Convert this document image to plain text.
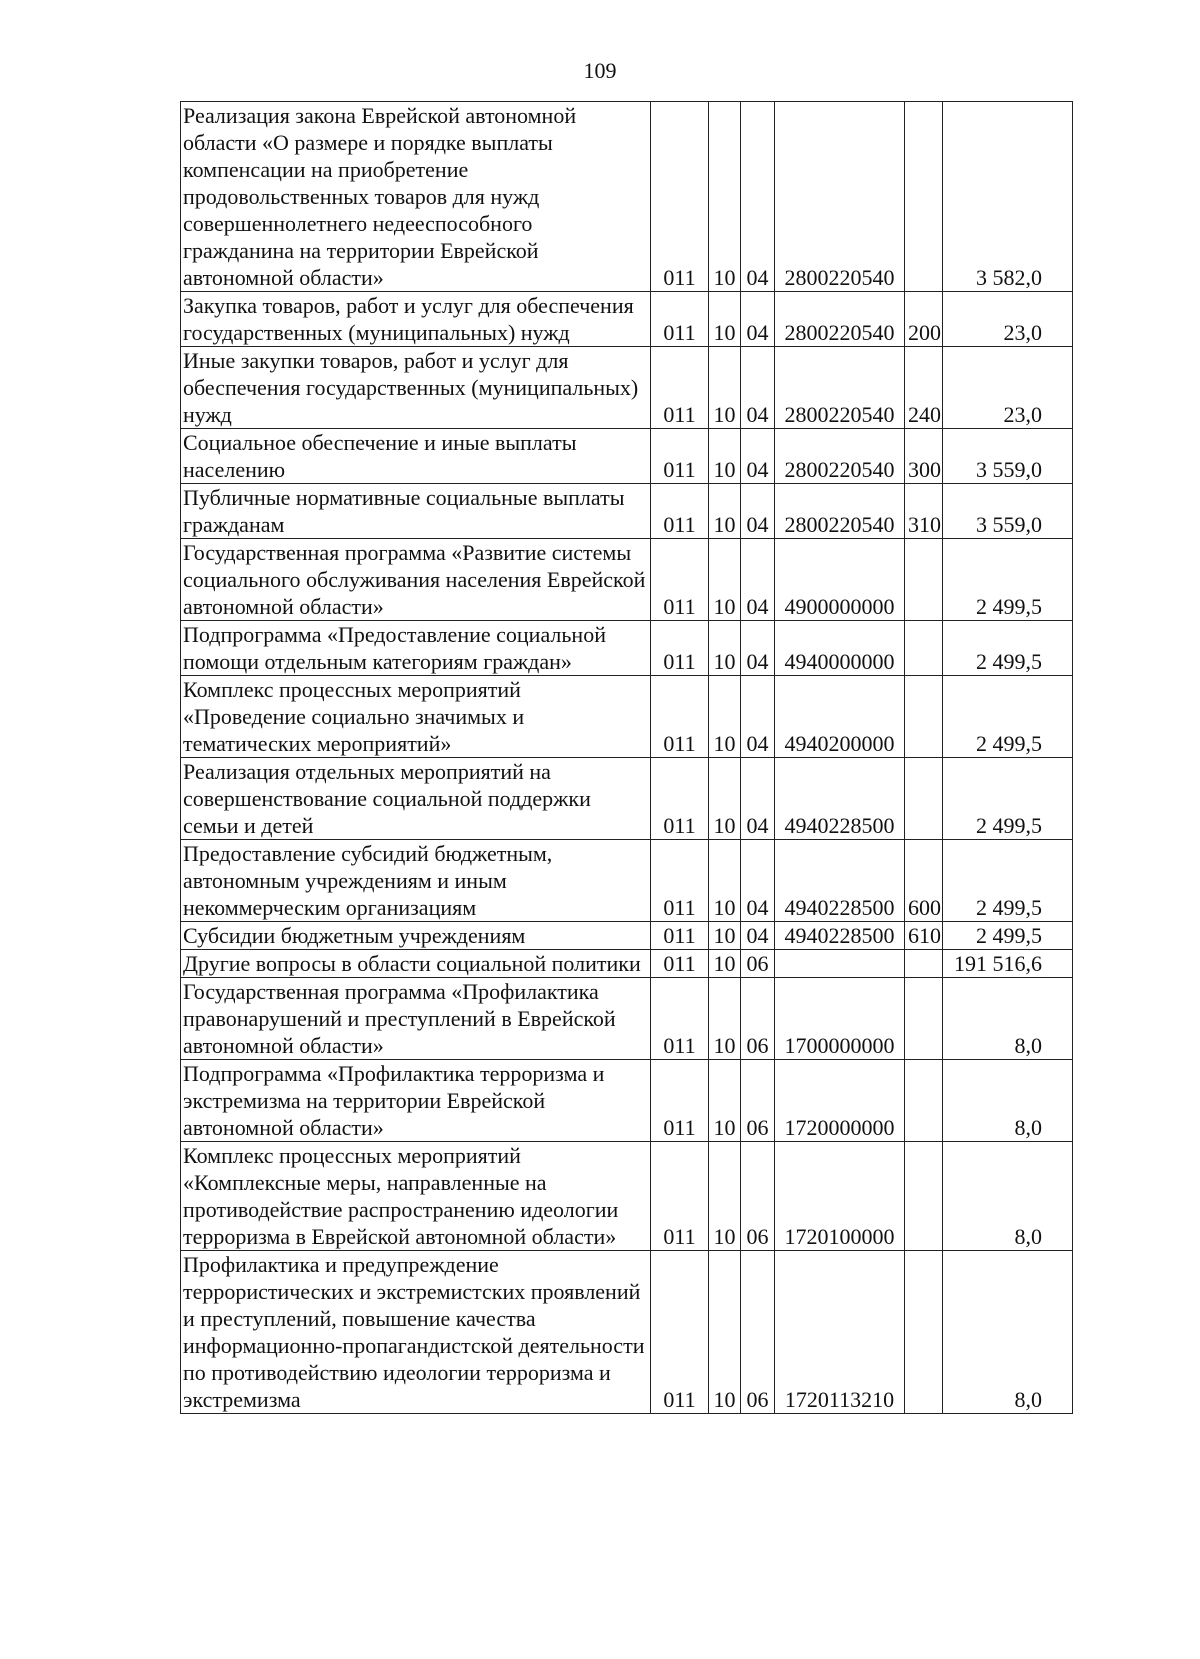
109
Реализация закона Еврейской автономной области «О размере и порядке выплаты компенсации на приобретение продовольственных товаров для нужд совершеннолетнего недееспособного гражданина на территории Еврейской автономной области»	011	10	04	2800220540		3 582,0
Закупка товаров, работ и услуг для обеспечения государственных (муниципальных) нужд	011	10	04	2800220540	200	23,0
Иные закупки товаров, работ и услуг для обеспечения государственных (муниципальных) нужд	011	10	04	2800220540	240	23,0
Социальное обеспечение и иные выплаты населению	011	10	04	2800220540	300	3 559,0
Публичные нормативные социальные выплаты гражданам	011	10	04	2800220540	310	3 559,0
Государственная программа «Развитие системы социального обслуживания населения Еврейской автономной области»	011	10	04	4900000000		2 499,5
Подпрограмма «Предоставление социальной помощи отдельным категориям граждан»	011	10	04	4940000000		2 499,5
Комплекс процессных мероприятий «Проведение социально значимых и тематических мероприятий»	011	10	04	4940200000		2 499,5
Реализация отдельных мероприятий на совершенствование социальной поддержки семьи и детей	011	10	04	4940228500		2 499,5
Предоставление субсидий бюджетным, автономным учреждениям и иным некоммерческим организациям	011	10	04	4940228500	600	2 499,5
Субсидии бюджетным учреждениям	011	10	04	4940228500	610	2 499,5
Другие вопросы в области социальной политики	011	10	06			191 516,6
Государственная программа «Профилактика правонарушений и преступлений в Еврейской автономной области»	011	10	06	1700000000		8,0
Подпрограмма «Профилактика терроризма и экстремизма на территории Еврейской автономной области»	011	10	06	1720000000		8,0
Комплекс процессных мероприятий «Комплексные меры, направленные на противодействие распространению идеологии терроризма в Еврейской автономной области»	011	10	06	1720100000		8,0
Профилактика и предупреждение террористических и экстремистских проявлений и преступлений, повышение качества информационно-пропагандистской деятельности по противодействию идеологии терроризма и экстремизма	011	10	06	1720113210		8,0
